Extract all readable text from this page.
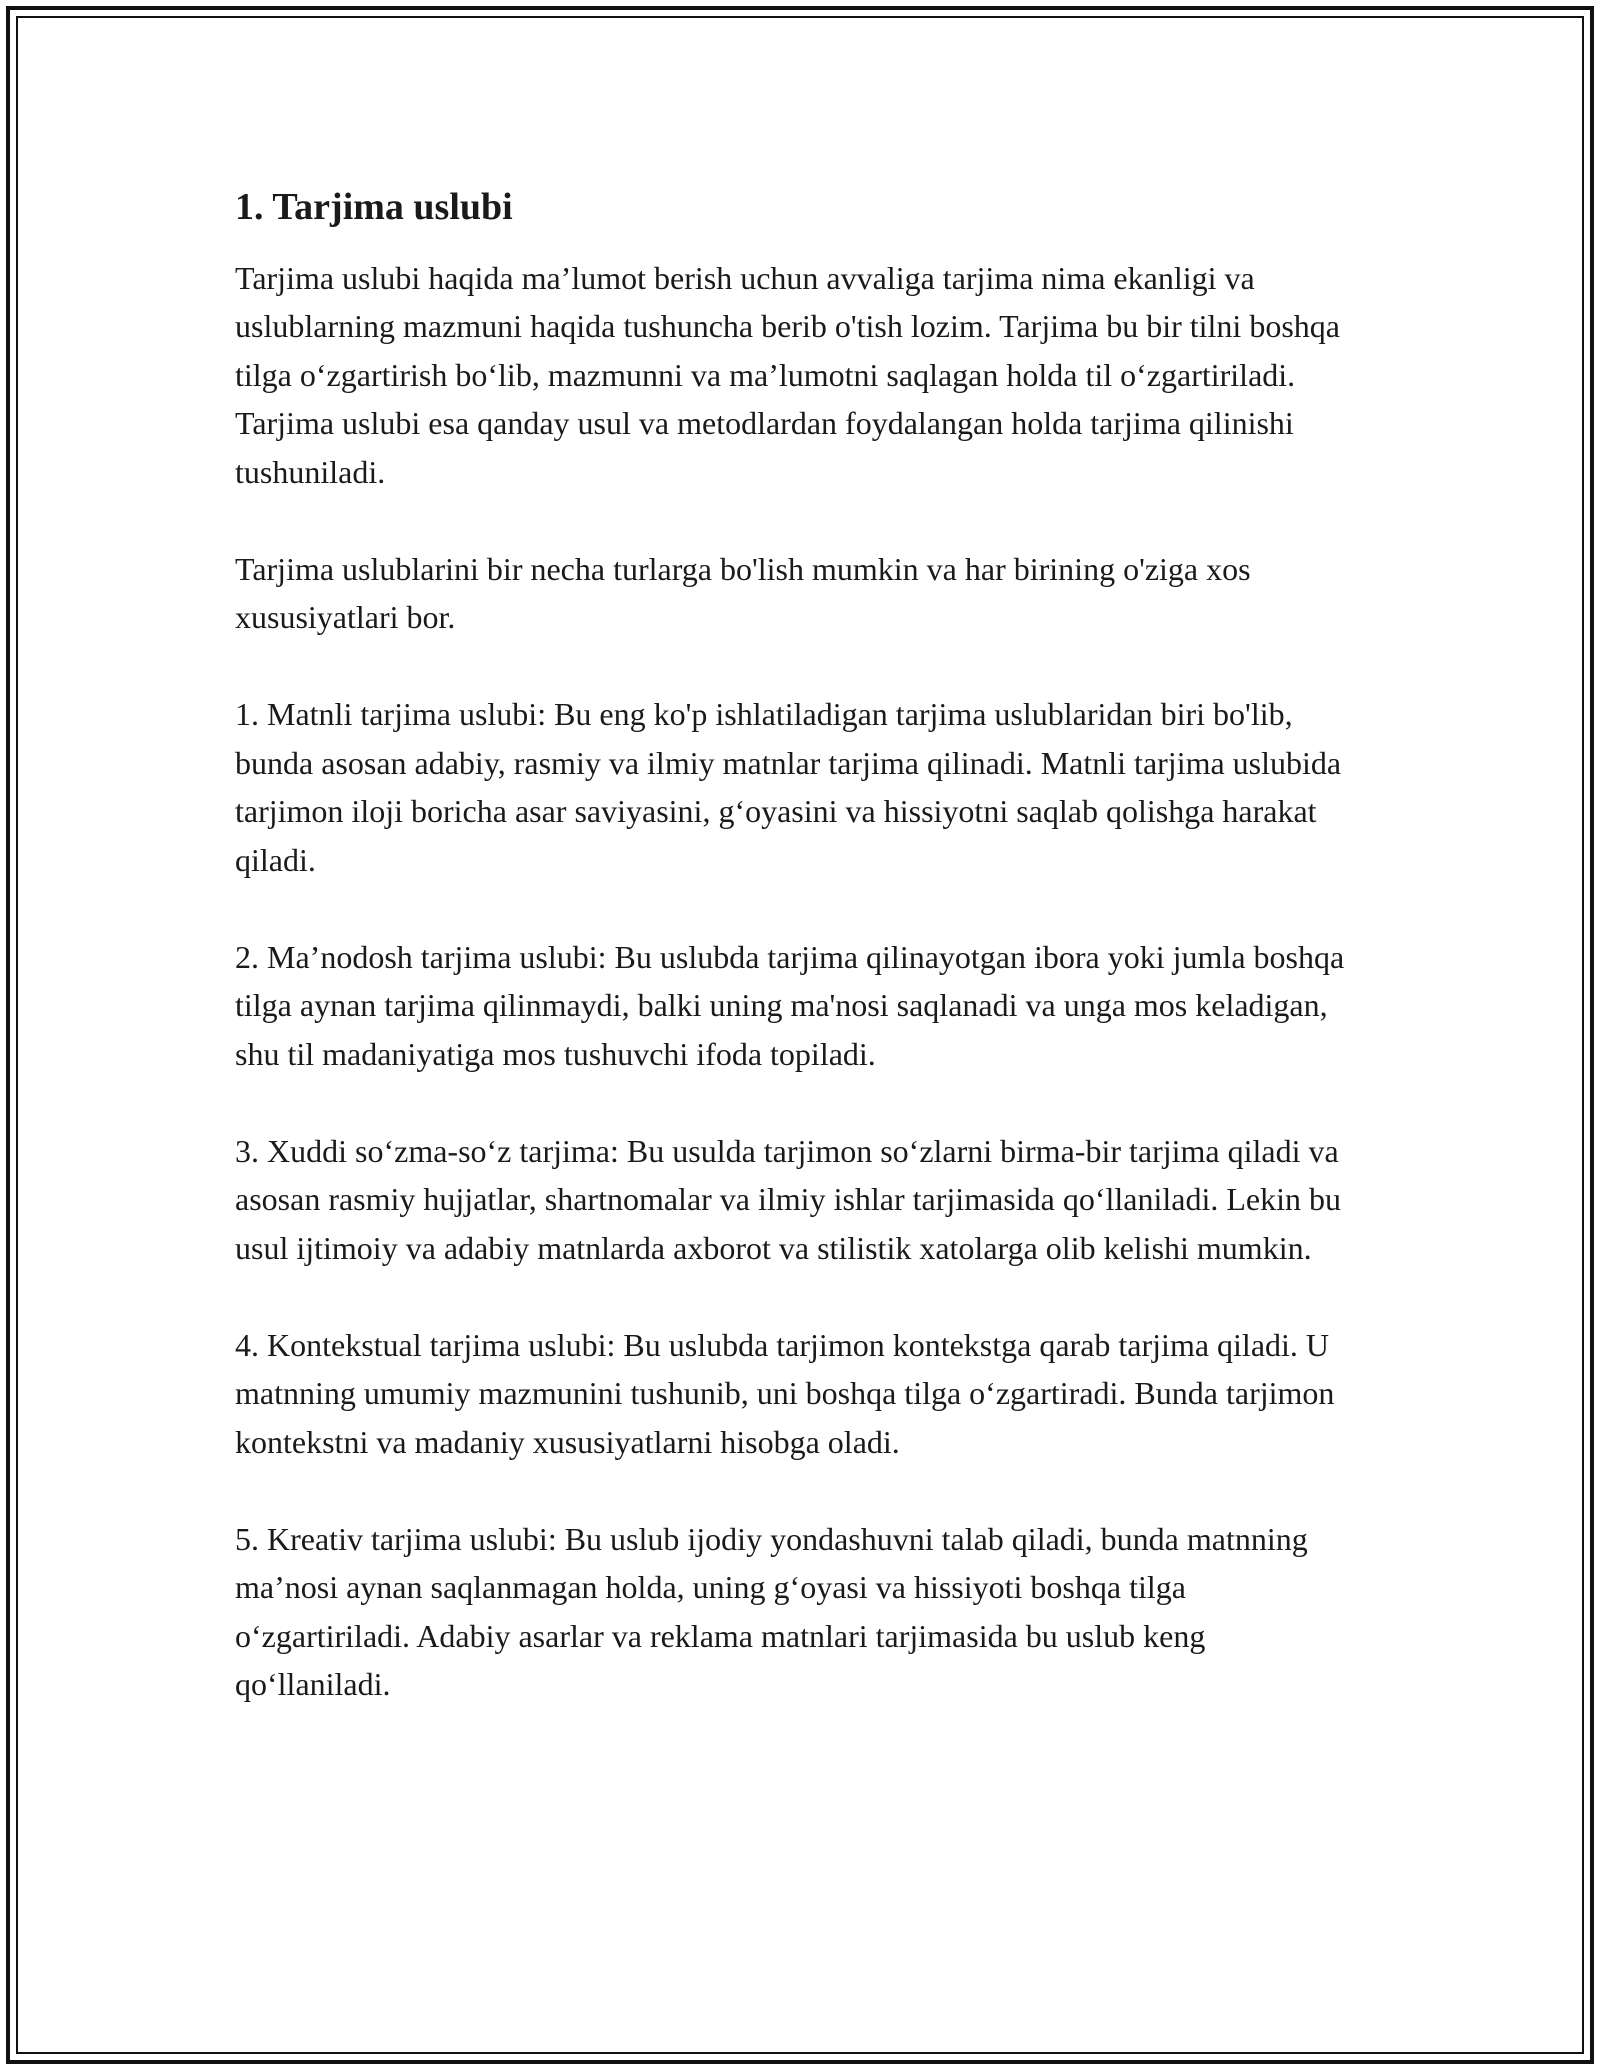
1. Tarjima uslubi

Tarjima uslubi haqida ma’lumot berish uchun avvaliga tarjima nima ekanligi va uslublarning mazmuni haqida tushuncha berib o'tish lozim. Tarjima bu bir tilni boshqa tilga o‘zgartirish bo‘lib, mazmunni va ma’lumotni saqlagan holda til o‘zgartiriladi. Tarjima uslubi esa qanday usul va metodlardan foydalangan holda tarjima qilinishi tushuniladi.

Tarjima uslublarini bir necha turlarga bo'lish mumkin va har birining o'ziga xos xususiyatlari bor.

1. Matnli tarjima uslubi: Bu eng ko'p ishlatiladigan tarjima uslublaridan biri bo'lib, bunda asosan adabiy, rasmiy va ilmiy matnlar tarjima qilinadi. Matnli tarjima uslubida tarjimon iloji boricha asar saviyasini, g‘oyasini va hissiyotni saqlab qolishga harakat qiladi.

2. Ma’nodosh tarjima uslubi: Bu uslubda tarjima qilinayotgan ibora yoki jumla boshqa tilga aynan tarjima qilinmaydi, balki uning ma'nosi saqlanadi va unga mos keladigan, shu til madaniyatiga mos tushuvchi ifoda topiladi.

3. Xuddi so‘zma-so‘z tarjima: Bu usulda tarjimon so‘zlarni birma-bir tarjima qiladi va asosan rasmiy hujjatlar, shartnomalar va ilmiy ishlar tarjimasida qo‘llaniladi. Lekin bu usul ijtimoiy va adabiy matnlarda axborot va stilistik xatolarga olib kelishi mumkin.

4. Kontekstual tarjima uslubi: Bu uslubda tarjimon kontekstga qarab tarjima qiladi. U matnning umumiy mazmunini tushunib, uni boshqa tilga o‘zgartiradi. Bunda tarjimon kontekstni va madaniy xususiyatlarni hisobga oladi.

5. Kreativ tarjima uslubi: Bu uslub ijodiy yondashuvni talab qiladi, bunda matnning ma’nosi aynan saqlanmagan holda, uning g‘oyasi va hissiyoti boshqa tilga o‘zgartiriladi. Adabiy asarlar va reklama matnlari tarjimasida bu uslub keng qo‘llaniladi.
